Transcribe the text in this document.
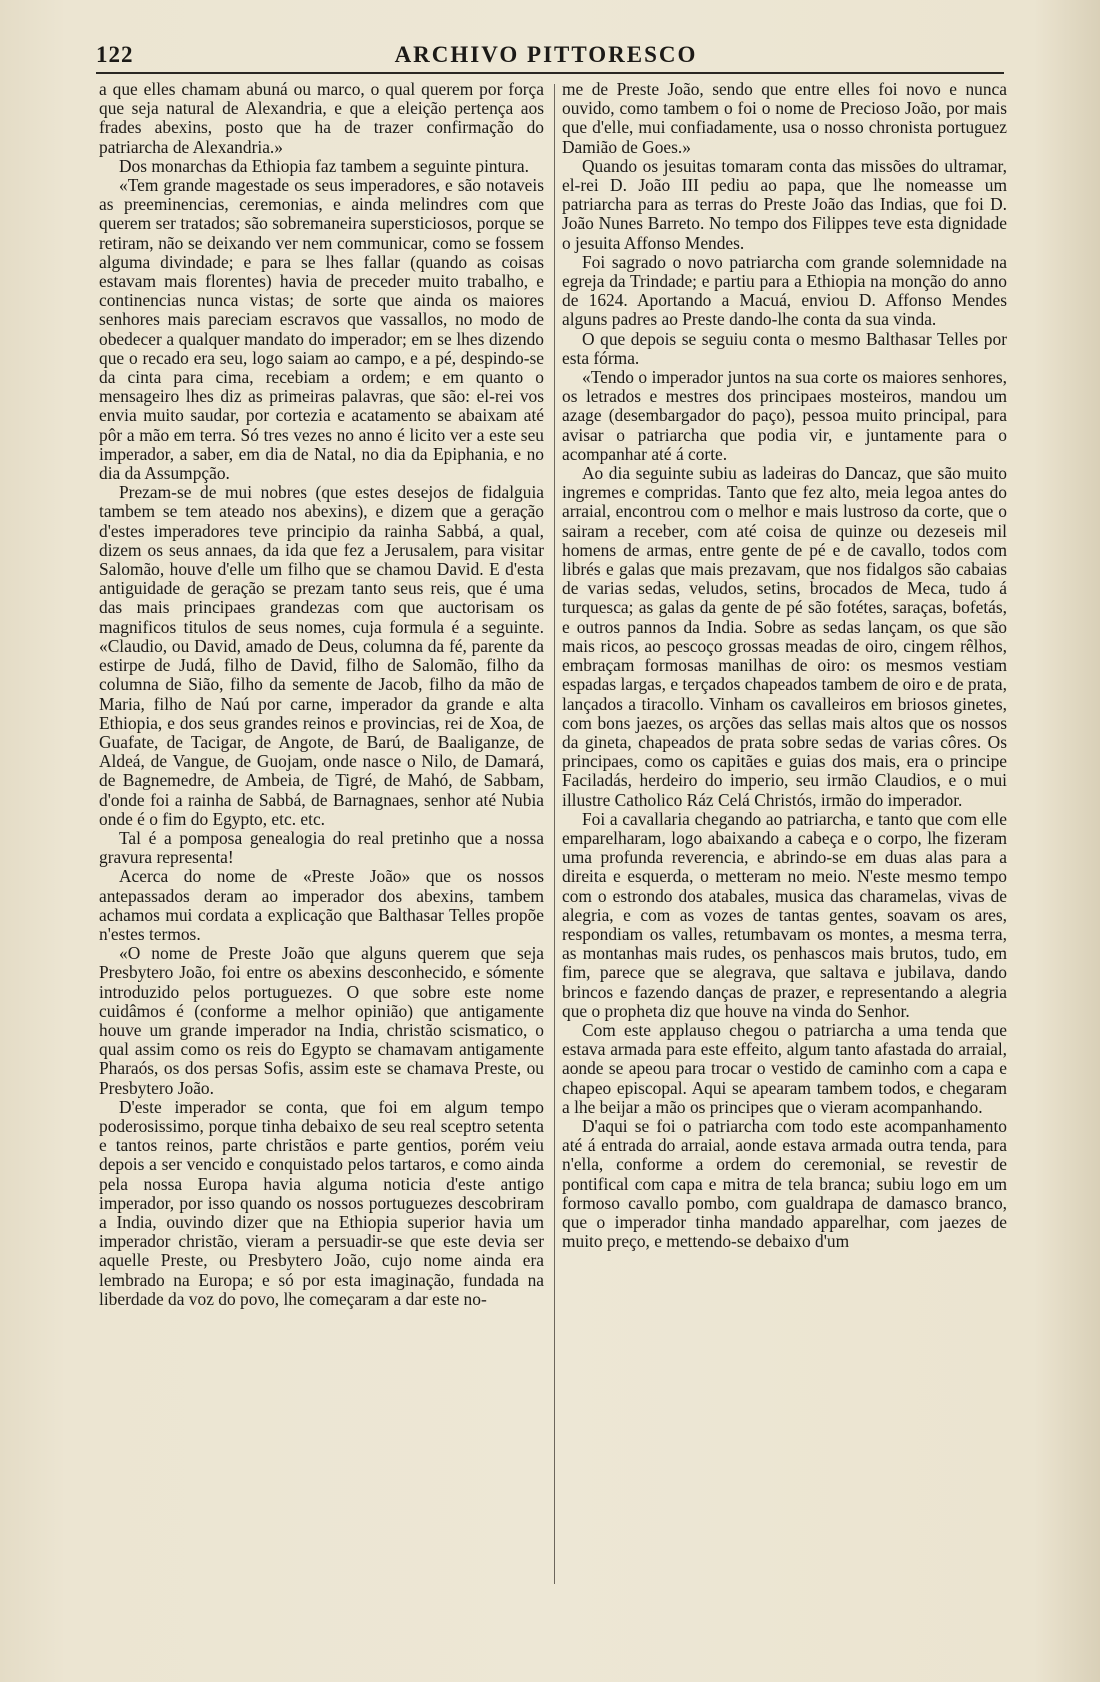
122	ARCHIVO PITTORESCO

a que elles chamam abuná ou marco, o qual querem por força que seja natural de Alexandria, e que a eleição pertença aos frades abexins, posto que ha de trazer confirmação do patriarcha de Alexandria.»

Dos monarchas da Ethiopia faz tambem a seguinte pintura.

«Tem grande magestade os seus imperadores, e são notaveis as preeminencias, ceremonias, e ainda melindres com que querem ser tratados; são sobremaneira supersticiosos, porque se retiram, não se deixando ver nem communicar, como se fossem alguma divindade; e para se lhes fallar (quando as coisas estavam mais florentes) havia de preceder muito trabalho, e continencias nunca vistas; de sorte que ainda os maiores senhores mais pareciam escravos que vassallos, no modo de obedecer a qualquer mandato do imperador; em se lhes dizendo que o recado era seu, logo saiam ao campo, e a pé, despindo-se da cinta para cima, recebiam a ordem; e em quanto o mensageiro lhes diz as primeiras palavras, que são: el-rei vos envia muito saudar, por cortezia e acatamento se abaixam até pôr a mão em terra. Só tres vezes no anno é licito ver a este seu imperador, a saber, em dia de Natal, no dia da Epiphania, e no dia da Assumpção.

Prezam-se de mui nobres (que estes desejos de fidalguia tambem se tem ateado nos abexins), e dizem que a geração d'estes imperadores teve principio da rainha Sabbá, a qual, dizem os seus annaes, da ida que fez a Jerusalem, para visitar Salomão, houve d'elle um filho que se chamou David. E d'esta antiguidade de geração se prezam tanto seus reis, que é uma das mais principaes grandezas com que auctorisam os magnificos titulos de seus nomes, cuja formula é a seguinte. «Claudio, ou David, amado de Deus, columna da fé, parente da estirpe de Judá, filho de David, filho de Salomão, filho da columna de Sião, filho da semente de Jacob, filho da mão de Maria, filho de Naú por carne, imperador da grande e alta Ethiopia, e dos seus grandes reinos e provincias, rei de Xoa, de Guafate, de Tacigar, de Angote, de Barú, de Baaliganze, de Aldeá, de Vangue, de Guojam, onde nasce o Nilo, de Damará, de Bagnemedre, de Ambeia, de Tigré, de Mahó, de Sabbam, d'onde foi a rainha de Sabbá, de Barnagnaes, senhor até Nubia onde é o fim do Egypto, etc. etc.

Tal é a pomposa genealogia do real pretinho que a nossa gravura representa!

Acerca do nome de «Preste João» que os nossos antepassados deram ao imperador dos abexins, tambem achamos mui cordata a explicação que Balthasar Telles propõe n'estes termos.

«O nome de Preste João que alguns querem que seja Presbytero João, foi entre os abexins desconhecido, e sómente introduzido pelos portuguezes. O que sobre este nome cuidâmos é (conforme a melhor opinião) que antigamente houve um grande imperador na India, christão scismatico, o qual assim como os reis do Egypto se chamavam antigamente Pharaós, os dos persas Sofis, assim este se chamava Preste, ou Presbytero João.

D'este imperador se conta, que foi em algum tempo poderosissimo, porque tinha debaixo de seu real sceptro setenta e tantos reinos, parte christãos e parte gentios, porém veiu depois a ser vencido e conquistado pelos tartaros, e como ainda pela nossa Europa havia alguma noticia d'este antigo imperador, por isso quando os nossos portuguezes descobriram a India, ouvindo dizer que na Ethiopia superior havia um imperador christão, vieram a persuadir-se que este devia ser aquelle Preste, ou Presbytero João, cujo nome ainda era lembrado na Europa; e só por esta imaginação, fundada na liberdade da voz do povo, lhe começaram a dar este no-

me de Preste João, sendo que entre elles foi novo e nunca ouvido, como tambem o foi o nome de Precioso João, por mais que d'elle, mui confiadamente, usa o nosso chronista portuguez Damião de Goes.»

Quando os jesuitas tomaram conta das missões do ultramar, el-rei D. João III pediu ao papa, que lhe nomeasse um patriarcha para as terras do Preste João das Indias, que foi D. João Nunes Barreto. No tempo dos Filippes teve esta dignidade o jesuita Affonso Mendes.

Foi sagrado o novo patriarcha com grande solemnidade na egreja da Trindade; e partiu para a Ethiopia na monção do anno de 1624. Aportando a Macuá, enviou D. Affonso Mendes alguns padres ao Preste dando-lhe conta da sua vinda.

O que depois se seguiu conta o mesmo Balthasar Telles por esta fórma.

«Tendo o imperador juntos na sua corte os maiores senhores, os letrados e mestres dos principaes mosteiros, mandou um azage (desembargador do paço), pessoa muito principal, para avisar o patriarcha que podia vir, e juntamente para o acompanhar até á corte.

Ao dia seguinte subiu as ladeiras do Dancaz, que são muito ingremes e compridas. Tanto que fez alto, meia legoa antes do arraial, encontrou com o melhor e mais lustroso da corte, que o sairam a receber, com até coisa de quinze ou dezeseis mil homens de armas, entre gente de pé e de cavallo, todos com librés e galas que mais prezavam, que nos fidalgos são cabaias de varias sedas, veludos, setins, brocados de Meca, tudo á turquesca; as galas da gente de pé são fotétes, saraças, bofetás, e outros pannos da India. Sobre as sedas lançam, os que são mais ricos, ao pescoço grossas meadas de oiro, cingem rêlhos, embraçam formosas manilhas de oiro: os mesmos vestiam espadas largas, e terçados chapeados tambem de oiro e de prata, lançados a tiracollo. Vinham os cavalleiros em briosos ginetes, com bons jaezes, os arções das sellas mais altos que os nossos da gineta, chapeados de prata sobre sedas de varias côres. Os principaes, como os capitães e guias dos mais, era o principe Faciladás, herdeiro do imperio, seu irmão Claudios, e o mui illustre Catholico Ráz Celá Christós, irmão do imperador.

Foi a cavallaria chegando ao patriarcha, e tanto que com elle emparelharam, logo abaixando a cabeça e o corpo, lhe fizeram uma profunda reverencia, e abrindo-se em duas alas para a direita e esquerda, o metteram no meio. N'este mesmo tempo com o estrondo dos atabales, musica das charamelas, vivas de alegria, e com as vozes de tantas gentes, soavam os ares, respondiam os valles, retumbavam os montes, a mesma terra, as montanhas mais rudes, os penhascos mais brutos, tudo, em fim, parece que se alegrava, que saltava e jubilava, dando brincos e fazendo danças de prazer, e representando a alegria que o propheta diz que houve na vinda do Senhor.

Com este applauso chegou o patriarcha a uma tenda que estava armada para este effeito, algum tanto afastada do arraial, aonde se apeou para trocar o vestido de caminho com a capa e chapeo episcopal. Aqui se apearam tambem todos, e chegaram a lhe beijar a mão os principes que o vieram acompanhando.

D'aqui se foi o patriarcha com todo este acompanhamento até á entrada do arraial, aonde estava armada outra tenda, para n'ella, conforme a ordem do ceremonial, se revestir de pontifical com capa e mitra de tela branca; subiu logo em um formoso cavallo pombo, com gualdrapa de damasco branco, que o imperador tinha mandado apparelhar, com jaezes de muito preço, e mettendo-se debaixo d'um
